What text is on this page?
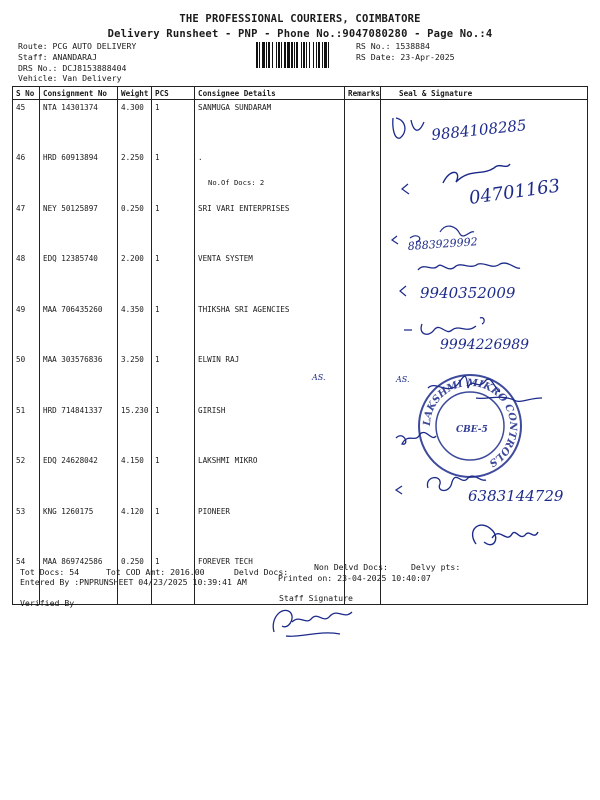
THE PROFESSIONAL COURIERS, COIMBATORE
Delivery Runsheet - PNP - Phone No.:9047080280 - Page No.:4
Route: PCG AUTO DELIVERY
Staff: ANANDARAJ
DRS No.: DCJ8153888404
Vehicle: Van Delivery
RS No.: 1538884
RS Date: 23-Apr-2025
S No	Consignment No	Weight	PCS	Consignee Details	Remarks	Seal & Signature
45	NTA 14301374	4.300	1	SANMUGA SUNDARAM		
46	HRD 60913894	2.250	1	.
No.Of Docs: 2		

47	NEY 50125897	0.250	1	SRI VARI ENTERPRISES		
48	EDQ 12385740	2.200	1	VENTA SYSTEM		
49	MAA 706435260	4.350	1	THIKSHA SRI AGENCIES		
50	MAA 303576836	3.250	1	ELWIN RAJ		
51	HRD 714841337	15.230	1	GIRISH		
52	EDQ 24628042	4.150	1	LAKSHMI MIKRO		
53	KNG 1260175	4.120	1	PIONEER		
54	MAA 869742586	0.250	1	FOREVER TECH		
Tot Docs: 54	Tot COD Amt: 2016.00	Delvd Docs:	Non Delvd Docs:	Delvy pts:
Entered By :PNPRUNSHEET 04/23/2025 10:39:41 AM	Printed on: 23-04-2025 10:40:07
Verified By	Staff Signature
9884108285
04701163
8883929992
9940352009
9994226989
AS.	AS.
LAKSHMI MIKRO CONTROLS
CBE-5
6383144729
